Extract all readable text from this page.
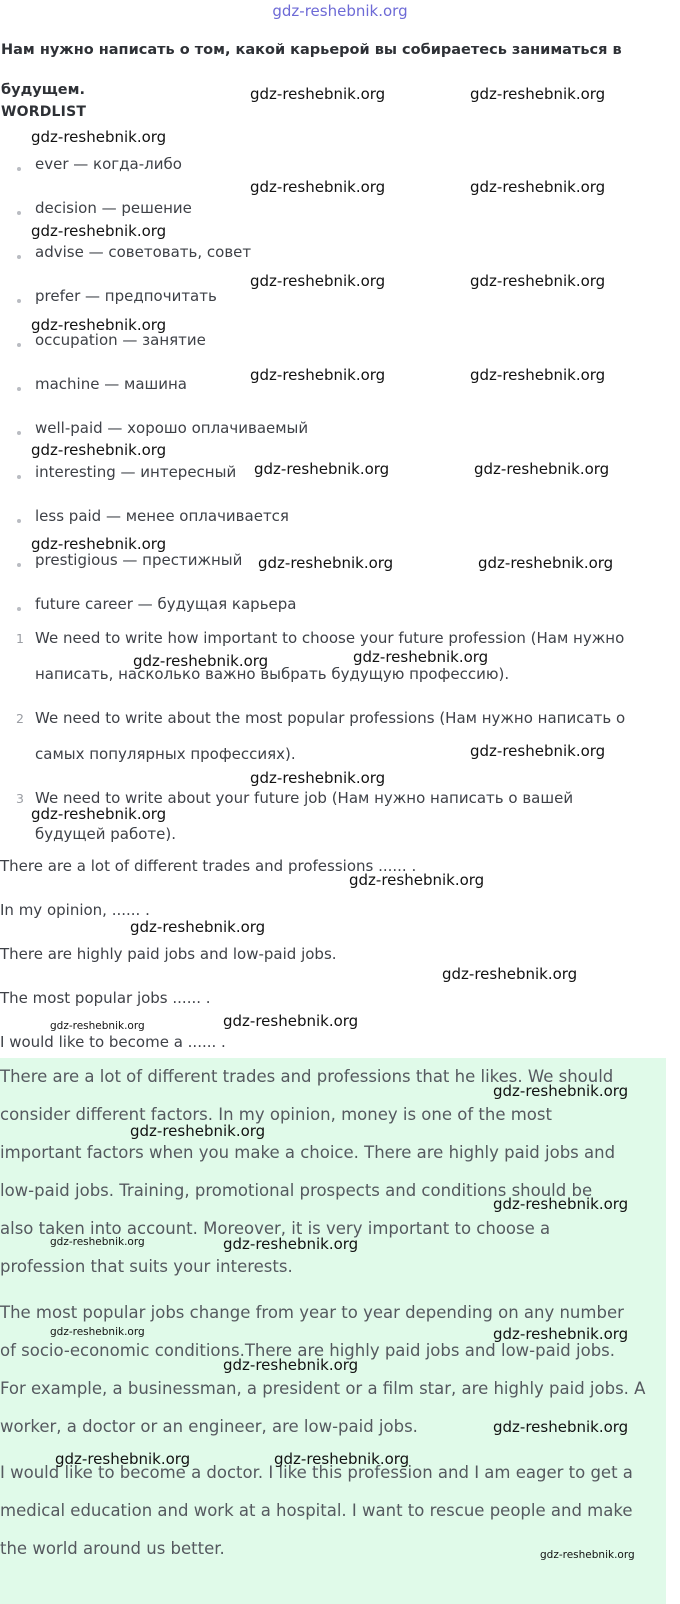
gdz-reshebnik.org
Нам нужно написать о том, какой карьерой вы собираетесь заниматься в будущем.
WORDLIST
ever — когда-либо
decision — решение
advise — советовать, совет
prefer — предпочитать
occupation — занятие
machine — машина
well-paid — хорошо оплачиваемый
interesting — интересный
less paid — менее оплачивается
prestigious — престижный
future career — будущая карьера
1 We need to write how important to choose your future profession (Нам нужно
написать, насколько важно выбрать будущую профессию).
2 We need to write about the most popular professions (Нам нужно написать о
самых популярных профессиях).
3 We need to write about your future job (Нам нужно написать о вашей
будущей работе).
There are a lot of different trades and professions ...... .
In my opinion, ...... .
There are highly paid jobs and low-paid jobs.
The most popular jobs ...... .
I would like to become a ...... .
There are a lot of different trades and professions that he likes. We should
consider different factors. In my opinion, money is one of the most
important factors when you make a choice. There are highly paid jobs and
low-paid jobs. Training, promotional prospects and conditions should be
also taken into account. Moreover, it is very important to choose a
profession that suits your interests.
The most popular jobs change from year to year depending on any number
of socio-economic conditions.There are highly paid jobs and low-paid jobs.
For example, a businessman, a president or a film star, are highly paid jobs. A
worker, a doctor or an engineer, are low-paid jobs.
I would like to become a doctor. I like this profession and I am eager to get a
medical education and work at a hospital. I want to rescue people and make
the world around us better.
gdz-reshebnik.org	gdz-reshebnik.org
gdz-reshebnik.org
gdz-reshebnik.org	gdz-reshebnik.org
gdz-reshebnik.org
gdz-reshebnik.org	gdz-reshebnik.org
gdz-reshebnik.org
gdz-reshebnik.org	gdz-reshebnik.org
gdz-reshebnik.org
gdz-reshebnik.org	gdz-reshebnik.org
gdz-reshebnik.org
gdz-reshebnik.org	gdz-reshebnik.org
gdz-reshebnik.org	gdz-reshebnik.org
gdz-reshebnik.org
gdz-reshebnik.org
gdz-reshebnik.org
gdz-reshebnik.org
gdz-reshebnik.org
gdz-reshebnik.org
gdz-reshebnik.org
gdz-reshebnik.org
gdz-reshebnik.org
gdz-reshebnik.org
gdz-reshebnik.org
gdz-reshebnik.org
gdz-reshebnik.org
gdz-reshebnik.org
gdz-reshebnik.org
gdz-reshebnik.org
gdz-reshebnik.org
gdz-reshebnik.org	gdz-reshebnik.org
gdz-reshebnik.org
